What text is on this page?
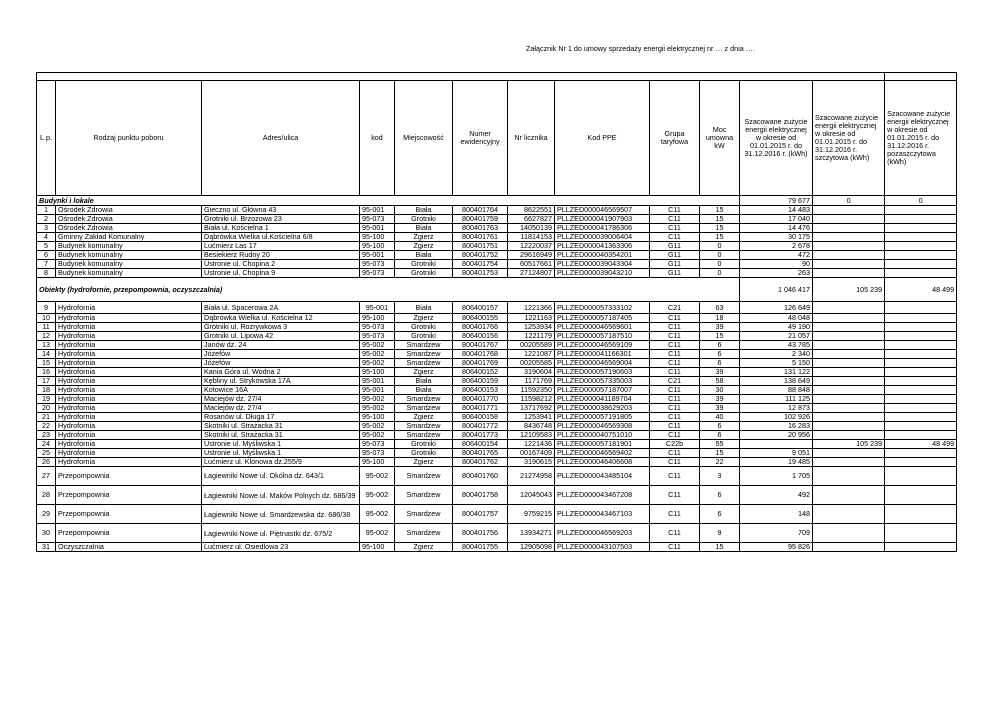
Załącznik Nr 1 do umowy sprzedaży energii elektrycznej nr … z dnia ….

L.p.	Rodzaj punktu poboru	Adres/ulica	kod	Miejscowość	Numer ewidencyjny	Nr licznika	Kod PPE	Grupa taryfowa	Moc umowna kW	Szacowane zużycie energii elektrycznej w okresie od 01.01.2015 r. do 31.12.2016 r. (kWh)	Szacowane zużycie energii elektrycznej w okresie od 01.01.2015 r. do 31.12.2016 r. szczytowa (kWh)	Szacowane zużycie energii elektrycznej w okresie od 01.01.2015 r. do 31.12.2016 r. pozaszczytowa (kWh)
Budynki i lokale										79 677	0	0
1	Ośrodek Zdrowia	Gieczno ul. Główna 43	95-001	Biała	800401764	8622551	PLLZED000046569507	C11	15	14 483		
2	Ośrodek Zdrowia	Grotniki ul. Brzozowa 23	95-073	Grotniki	800401759	6627827	PLLZED000041907903	C11	15	17 040		
3	Ośrodek Zdrowia	Biała ul. Kościelna 1	95-001	Biała	800401763	14050139	PLLZED000041786306	C11	15	14 476		
4	Gminny Zakład Komunalny	Dąbrówka Wielka ul.Kościelna 6/8	95-100	Zgierz	800401761	11814153	PLLZED000039006404	C11	15	30 175		
5	Budynek komunalny	Lućmierz Las 17	95-100	Zgierz	800401751	12220037	PLLZED000041363306	G11	0	2 678		
6	Budynek komunalny	Besiekierz Rudny 20	95-001	Biała	800401752	29616949	PLLZED000040354201	G11	0	472		
7	Budynek komunalny	Ustronie ul. Chopina 2	95-073	Grotniki	800401754	60517661	PLLZED000039043304	G11	0	90		
8	Budynek komunalny	Ustronie ul. Chopina 9	95-073	Grotniki	800401753	27124807	PLLZED000039043210	G11	0	263		
Obiekty (hydrofornie, przepompownia, oczyszczalnia)										1 046 417	105 239	48 499
9	Hydrofornia	Biała ul. Spacerowa 2A	95-001	Biała	806400157	1221366	PLLZED000057333102	C21	63	126 649		
10	Hydrofornia	Dąbrówka Wielka ul. Kościelna 12	95-100	Zgierz	806400155	1221163	PLLZED000057187405	C11	18	48 048		
11	Hydrofornia	Grotniki ul. Rozrywkowa 3	95-073	Grotniki	800401766	1253934	PLLZED000046569601	C11	39	49 190		
12	Hydrofornia	Grotniki ul. Lipowa 42	95-073	Grotniki	806400156	1221179	PLLZED000057187510	C11	15	21 057		
13	Hydrofornia	Janów dz. 24	95-002	Smardzew	800401767	00205589	PLLZED000046569109	C11	6	43 785		
14	Hydrofornia	Józefów	95-002	Smardzew	800401768	1221087	PLLZED000041166301	C11	6	2 340		
15	Hydrofornia	Józefów	95-002	Smardzew	800401769	00205585	PLLZED000046569004	C11	6	5 150		
16	Hydrofornia	Kania Góra ul. Wodna 2	95-100	Zgierz	806400152	3190604	PLLZED000057190603	C11	39	131 122		
17	Hydrofornia	Kębliny ul. Strykowska 17A	95-001	Biała	806400159	1171769	PLLZED000057335003	C21	58	138 649		
18	Hydrofornia	Kotowice 16A	95-001	Biała	806400153	11592350	PLLZED000057187007	C11	30	88 848		
19	Hydrofornia	Maciejów dz. 27/4	95-002	Smardzew	800401770	11598212	PLLZED000041189704	C11	39	111 125		
20	Hydrofornia	Maciejów dz. 27/4	95-002	Smardzew	800401771	13717692	PLLZED000038629203	C11	39	12 873		
21	Hydrofornia	Rosanów ul. Długa 17	95-100	Zgierz	806400158	1253941	PLLZED000057191805	C11	40	102 926		
22	Hydrofornia	Skotniki ul. Strażacka 31	95-002	Smardzew	800401772	8436748	PLLZED000046569308	C11	6	16 283		
23	Hydrofornia	Skotniki ul. Strażacka 31	95-002	Smardzew	800401773	12109583	PLLZED000040751010	C11	6	20 956		
24	Hydrofornia	Ustronie ul. Myśliwska 1	95-073	Grotniki	806400154	1221436	PLLZED000057181901	C22b	55		105 239	48 499
25	Hydrofornia	Ustronie ul. Myśliwska 1	95-073	Grotniki	800401765	00167409	PLLZED000046569402	C11	15	9 051		
26	Hydrofornia	Lućmierz ul. Klonowa dz.255/9	95-100	Zgierz	800401762	3190615	PLLZED000046406608	C11	22	19 485		
27	Przepompownia	Łagiewniki Nowe ul. Okólna dz. 643/1	95-002	Smardzew	800401760	21274958	PLLZED000043485104	C11	3	1 705		
28	Przepompownia	Łagiewniki Nowe ul. Maków Polnych dz. 686/39	95-002	Smardzew	800401758	12045043	PLLZED000043467208	C11	6	492		
29	Przepompownia	Łagiewniki Nowe ul. Smardzewska dz. 686/38	95-002	Smardzew	800401757	9759215	PLLZED000043467103	C11	6	148		
30	Przepompownia	Łagiewniki Nowe ul. Piętnastki dz. 675/2	95-002	Smardzew	800401756	13934271	PLLZED000046569203	C11	9	709		
31	Oczyszczalnia	Lućmierz ul. Osiedlowa 23	95-100	Zgierz	800401755	12905098	PLLZED000043107503	C11	15	95 826		
